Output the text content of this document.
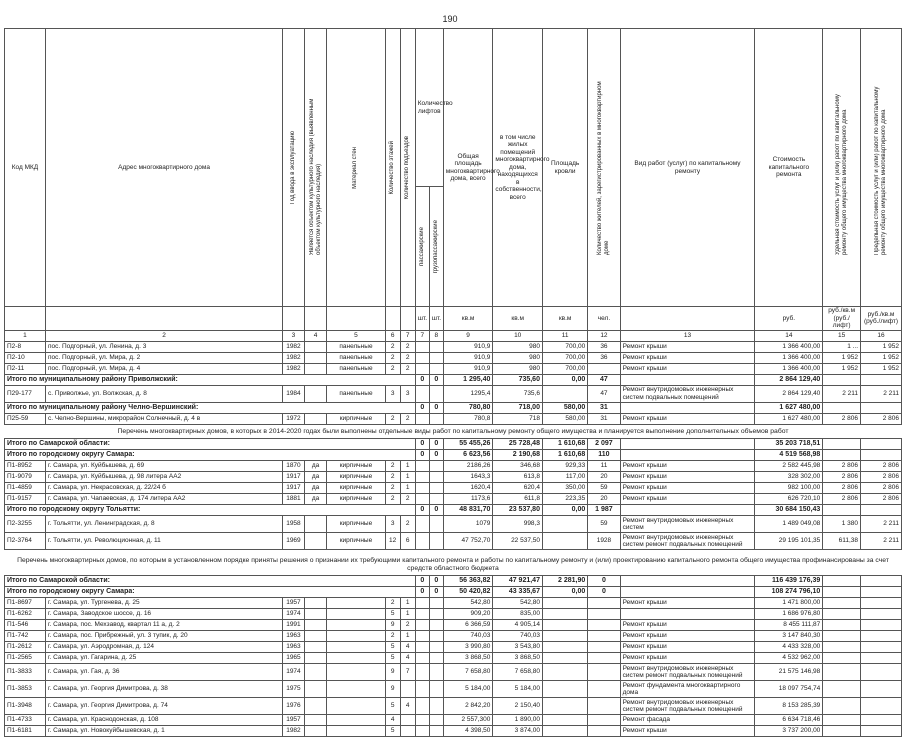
190
Код МКД	Адрес многоквартирного дома	Год ввода в эксплуатацию	Является объектом культурного наследия (выявленным объектом культурного наследия)	Материал стен	Количество этажей	Количество подъездов	Количество лифтов		Общая площадь многоквартирного дома, всего	в том числе жилых помещений многоквартирного дома, находящихся в собственности, всего	Площадь кровли	Количество жителей, зарегистрированных в многоквартирном доме	Вид работ (услуг) по капитальному ремонту	Стоимость капитального ремонта	Удельная стоимость услуг и (или) работ по капитальному ремонту общего имущества многоквартирного дома	Предельная стоимость услуг и (или) работ по капитальному ремонту общего имущества многоквартирного дома

							пассажирские	грузопассажирские								

							шт.	шт.	кв.м	кв.м	кв.м	чел.		руб.	руб./кв.м (руб./лифт)	руб./кв.м (руб./лифт)
1	2	3	4	5	6	7	7	8	9	10	11	12	13	14	15	16
П2-8	пос. Подгорный, ул. Ленина, д. 3	1982		панельные	2	2			910,9	980	700,00	36	Ремонт крыши	1 366 400,00	1 ...	1 952
П2-10	пос. Подгорный, ул. Мира, д. 2	1982		панельные	2	2			910,9	980	700,00	36	Ремонт крыши	1 366 400,00	1 952	1 952
П2-11	пос. Подгорный, ул. Мира, д. 4	1982		панельные	2	2			910,9	980	700,00		Ремонт крыши	1 366 400,00	1 952	1 952
Итого по муниципальному району Приволжский:							0	0	1 295,40	735,60	0,00	47		2 864 129,40		
П29-177	с. Приволжье, ул. Волжская, д. 8	1984		панельные	3	3			1295,4	735,6		47	Ремонт внутридомовых инженерных систем подвальных помещений	2 864 129,40	2 211	2 211
Итого по муниципальному району Челно-Вершинский:							0	0	780,80	718,00	580,00	31		1 627 480,00		
П25-59	с. Челно-Вершины, микрорайон Солнечный, д. 4 в	1972		кирпичные	2	2			780,8	718	580,00	31	Ремонт крыши	1 627 480,00	2 806	2 806
Перечень многоквартирных домов, в которых в 2014-2020 годах были выполнены отдельные виды работ по капитальному ремонту общего имущества и планируется выполнение дополнительных объемов работ																
Итого по Самарской области:							0	0	55 455,26	25 728,48	1 610,68	2 097		35 203 718,51		
Итого по городскому округу Самара:							0	0	6 623,56	2 190,68	1 610,68	110		4 519 568,98		
П1-8952	г. Самара, ул. Куйбышева, д. 69	1870	да	кирпичные	2	1			2186,26	346,68	929,33	11	Ремонт крыши	2 582 445,98	2 806	2 806
П1-9079	г. Самара, ул. Куйбышева, д. 98 литера АА2	1917	да	кирпичные	2	1			1643,3	613,8	117,00	20	Ремонт крыши	328 302,00	2 806	2 806
П1-4859	г. Самара, ул. Некрасовская, д. 22/24 б	1917	да	кирпичные	2	1			1620,4	620,4	350,00	59	Ремонт крыши	982 100,00	2 806	2 806
П1-9157	г. Самара, ул. Чапаевская, д. 174 литера АА2	1881	да	кирпичные	2	2			1173,6	611,8	223,35	20	Ремонт крыши	626 720,10	2 806	2 806
Итого по городскому округу Тольятти:							0	0	48 831,70	23 537,80	0,00	1 987		30 684 150,43		
П2-3255	г. Тольятти, ул. Ленинградская, д. 8	1958		кирпичные	3	2			1079	998,3		59	Ремонт внутридомовых инженерных систем	1 489 049,08	1 380	2 211
П2-3764	г. Тольятти, ул. Революционная, д. 11	1969		кирпичные	12	6			47 752,70	22 537,50		1928	Ремонт внутридомовых инженерных систем ремонт подвальных помещений	29 195 101,35	611,38	2 211

Перечень многоквартирных домов, по которым в установленном порядке приняты решения о признании их требующими капитального ремонта и работы по капитальному ремонту и (или) проектированию капитального ремонта общего имущества профинансированы за счет средств областного бюджета																
Итого по Самарской области:							0	0	56 363,82	47 921,47	2 281,90	0		116 439 176,39		
Итого по городскому округу Самара:							0	0	50 420,82	43 335,67	0,00	0		108 274 796,10		
П1-8697	г. Самара, ул. Тургенева, д. 25	1957			2	1			542,80	542,80			Ремонт крыши	1 471 800,00		
П1-6262	г. Самара, Заводское шоссе, д. 16	1974			5	1			909,20	835,00				1 686 976,80		
П1-546	г. Самара, пос. Мехзавод, квартал 11 а, д. 2	1991			9	2			6 366,59	4 905,14			Ремонт крыши	8 455 111,87		
П1-742	г. Самара, пос. Прибрежный, ул. 3 тупик, д. 20	1963			2	1			740,03	740,03			Ремонт крыши	3 147 840,30		
П1-2612	г. Самара, ул. Аэродромная, д. 124	1963			5	4			3 990,80	3 543,80			Ремонт крыши	4 433 328,00		
П1-2565	г. Самара, ул. Гагарина, д. 25	1965			5	4			3 868,50	3 868,50			Ремонт крыши	4 532 962,00		
П1-3833	г. Самара, ул. Гая, д. 36	1974			9	7			7 658,80	7 658,80			Ремонт внутридомовых инженерных систем ремонт подвальных помещений	21 575 146,98		
П1-3853	г. Самара, ул. Георгия Димитрова, д. 38	1975			9				5 184,00	5 184,00			Ремонт фундамента многоквартирного дома	18 097 754,74		
П1-3948	г. Самара, ул. Георгия Димитрова, д. 74	1976			5	4			2 842,20	2 150,40			Ремонт внутридомовых инженерных систем ремонт подвальных помещений	8 153 285,39		
П1-4733	г. Самара, ул. Краснодонская, д. 108	1957			4				2 557,300	1 890,00			Ремонт фасада	6 634 718,46		
П1-6181	г. Самара, ул. Новокуйбышевская, д. 1	1982			5				4 398,50	3 874,00			Ремонт крыши	3 737 200,00		
